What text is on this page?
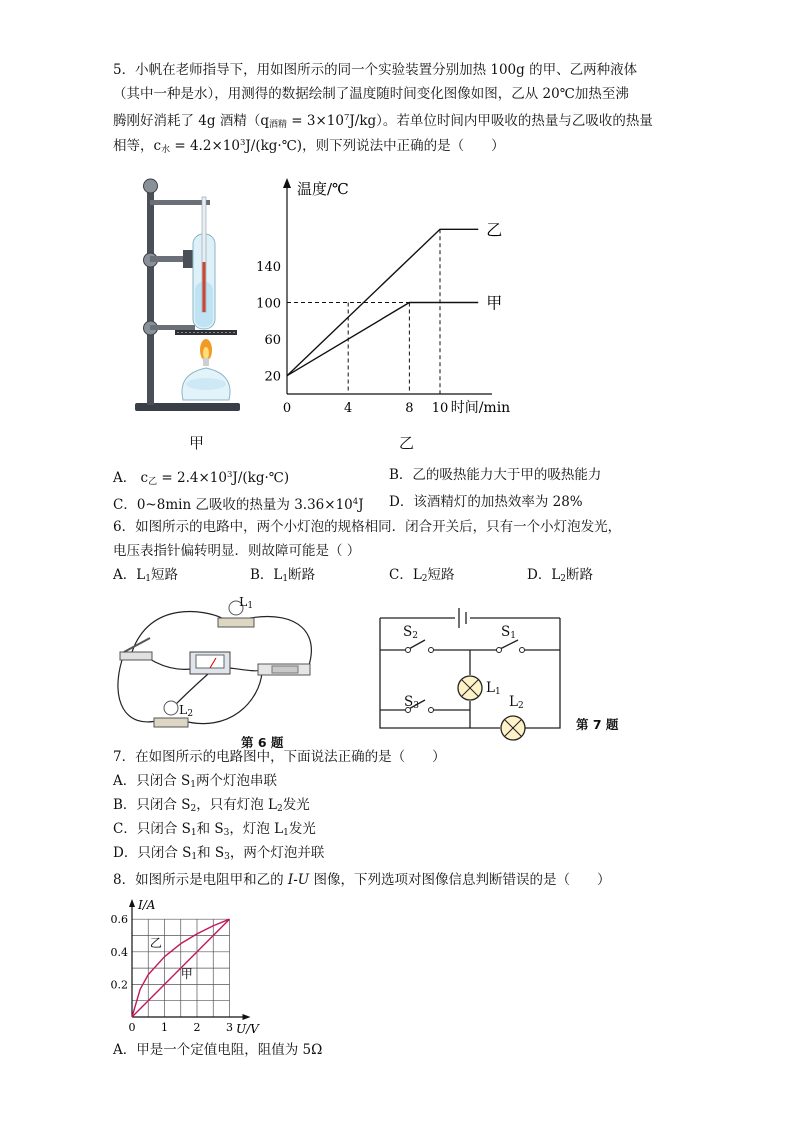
5．小帆在老师指导下，用如图所示的同一个实验装置分别加热 100g 的甲、乙两种液体
（其中一种是水），用测得的数据绘制了温度随时间变化图像如图，乙从 20℃加热至沸
腾刚好消耗了 4g 酒精$(q_{酒精} = 3\times 10^7J/kg)$。若单位时间内甲吸收的热量与乙吸收的热量
相等，$c_水$ = $4.2\times 10^3J/(kg\cdot℃)$，则下列说法中正确的是（　　）
甲
温度/℃
时间/min
20
60
100
140
0	4	8 10
乙
甲
乙
A． $c_乙$ = $2.4\times 10^3J/(kg\cdot℃)$	B．乙的吸热能力大于甲的吸热能力
C．0~8min 乙吸收的热量为 $3.36\times 10^4J$ D．该酒精灯的加热效率为 28%
6．如图所示的电路中，两个小灯泡的规格相同．闭合开关后，只有一个小灯泡发光，
电压表指针偏转明显．则故障可能是（ ）
A．$L_1$短路	B．$L_1$断路	C．$L_2$短路	D．$L_2$断路
$L_1$
$L_2$
第 6 题
$S_2$	$S_1$
$L_1$
$S_3$	$L_2$
第 7 题
7．在如图所示的电路图中，下面说法正确的是（　　）
A．只闭合 $S_1$两个灯泡串联
B．只闭合 $S_2$，只有灯泡 $L_2$发光
C．只闭合 $S_1$和 $S_3$，灯泡 $L_1$发光
D．只闭合 $S_1$和 $S_3$，两个灯泡并联
8．如图所示是电阻甲和乙的 I-U 图像，下列选项对图像信息判断错误的是（　　）
I/A
U/V
0.2
0.4
0.6
0 1 2 3
乙
甲
A．甲是一个定值电阻，阻值为 5Ω
